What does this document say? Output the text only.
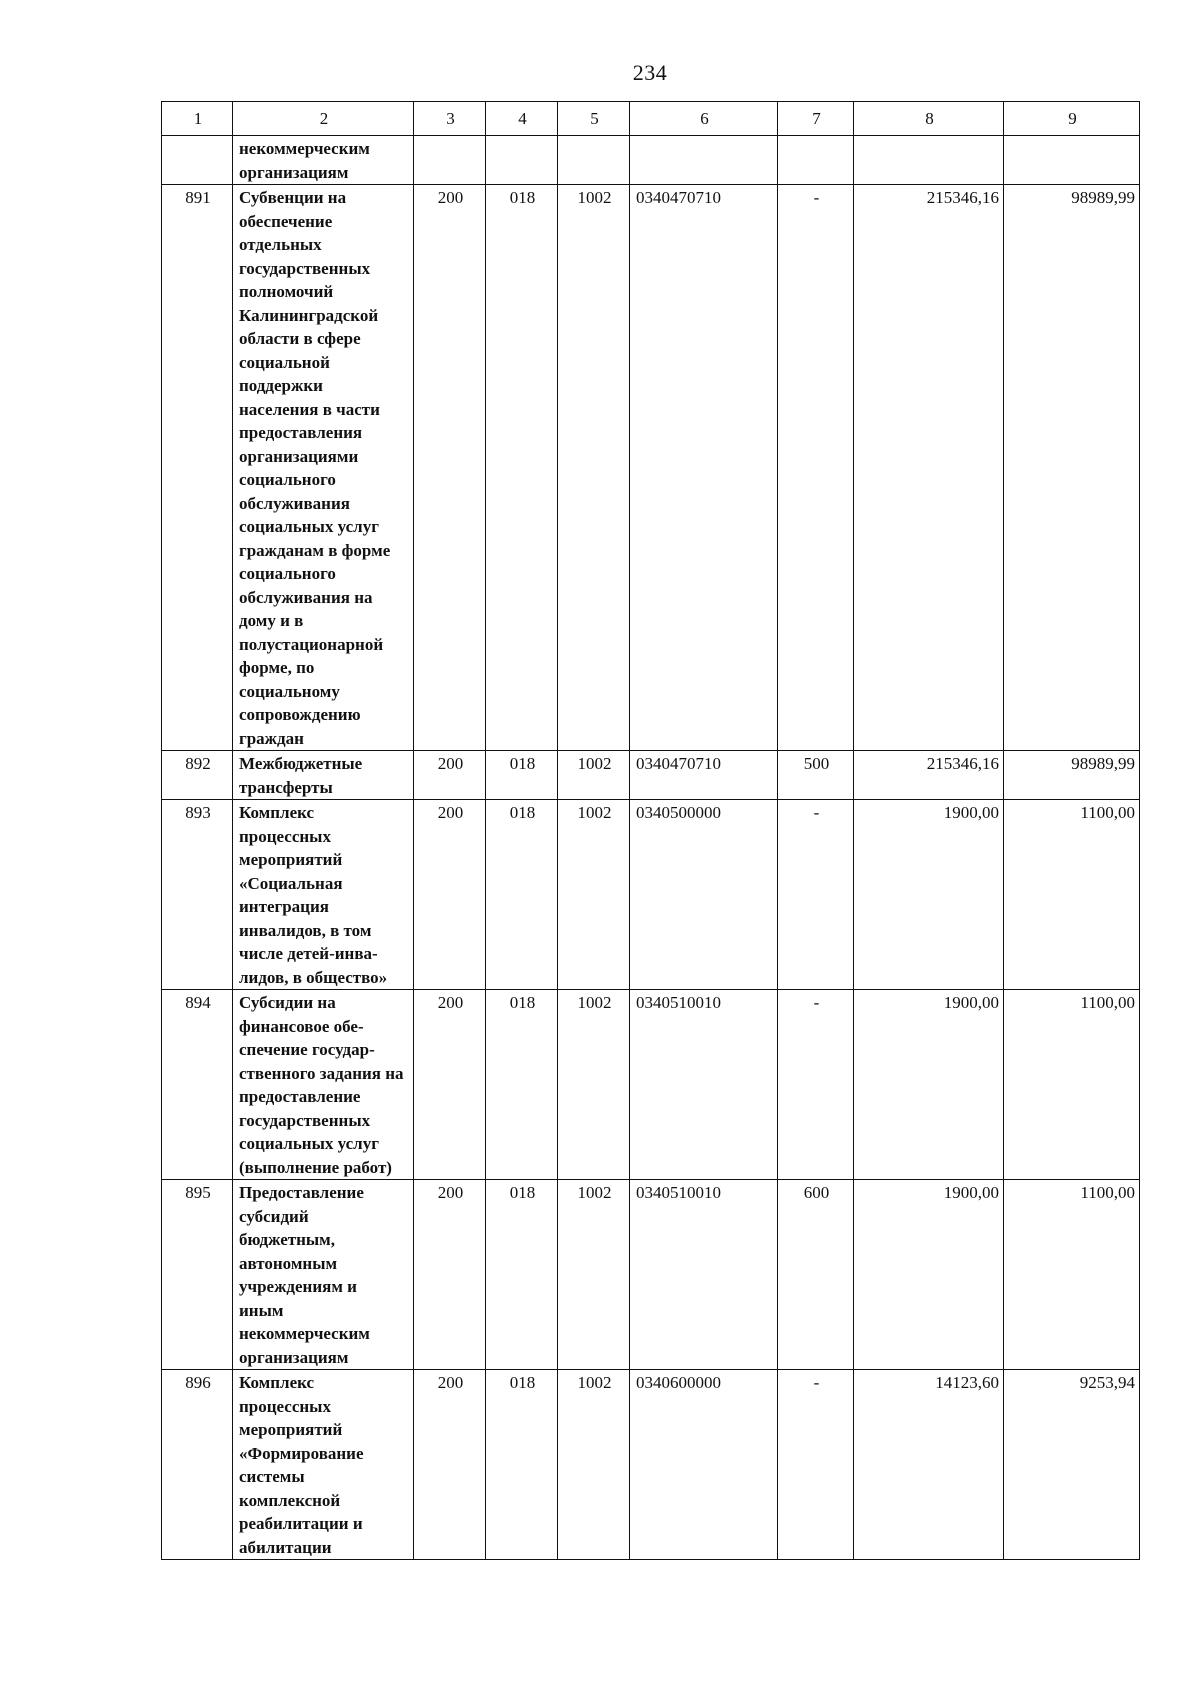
234
1	2	3	4	5	6	7	8	9

	некоммерческим организациям							

891	Субвенции на обеспечение отдельных государственных полномочий Калининградской области в сфере социальной поддержки населения в части предоставления организациями социального обслуживания социальных услуг гражданам в форме социального обслуживания на дому и в полустационарной форме, по социальному сопровождению граждан	200	018	1002	0340470710	-	215346,16	98989,99
892	Межбюджетные трансферты	200	018	1002	0340470710	500	215346,16	98989,99
893	Комплекс процессных мероприятий «Социальная интеграция инвалидов, в том числе детей-инва-лидов, в общество»	200	018	1002	0340500000	-	1900,00	1100,00
894	Субсидии на финансовое обе-спечение государ-ственного задания на предоставление государственных социальных услуг (выполнение работ)	200	018	1002	0340510010	-	1900,00	1100,00
895	Предоставление субсидий бюджетным, автономным учреждениям и иным некоммерческим организациям	200	018	1002	0340510010	600	1900,00	1100,00
896	Комплекс процессных мероприятий «Формирование системы комплексной реабилитации и абилитации	200	018	1002	0340600000	-	14123,60	9253,94
